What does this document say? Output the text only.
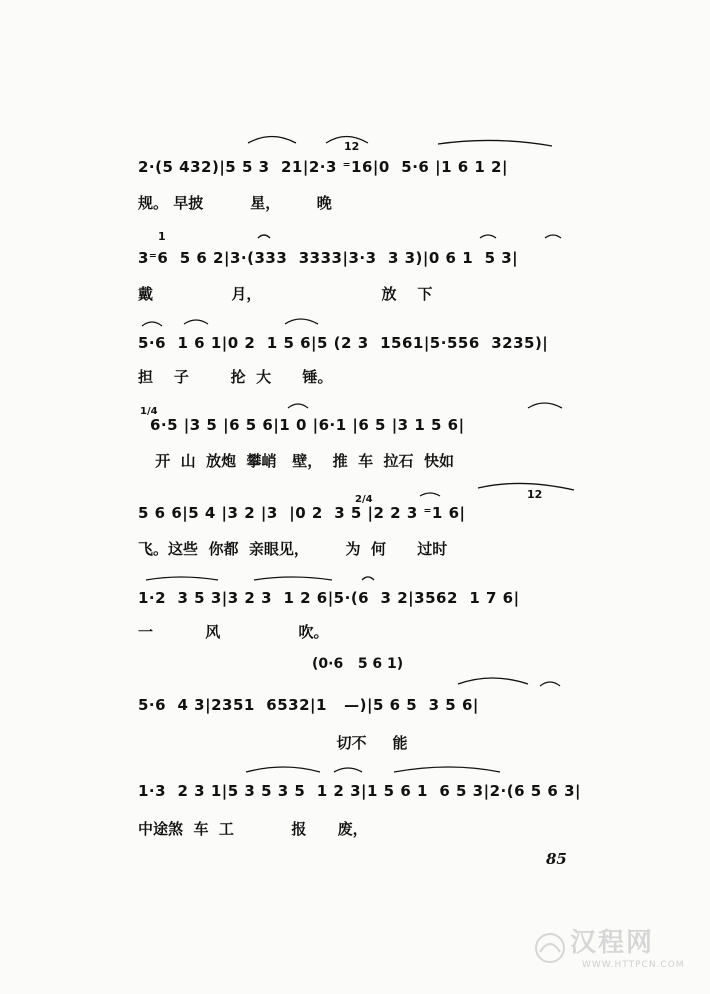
2·(5 432)|5 5 3  21|2·3 ⁼16|0  5·6 |1 6 1 2|
规。 早披         星，       晚
12
3⁼6  5 6 2|3·(333  3333|3·3  3 3)|0 6 1  5 3|
戴               月，                       放    下
1
5·6  1 6 1|0 2  1 5 6|5 (2 3  1561|5·556  3235)|
担    子        抡  大      锤。
1/4
6·5 |3 5 |6 5 6|1 0 |6·1 |6 5 |3 1 5 6|
开  山  放炮  攀峭   壁，  推  车  拉石  快如
5 6 6|5 4 |3 2 |3  |0 2  3 5 |2 2 3 ⁼1 6|
飞。这些  你都  亲眼见，       为  何      过时
2/4	12
1·2  3 5 3|3 2 3  1 2 6|5·(6  3 2|3562  1 7 6|
一          风               吹。
(0·6   5 6 1)
5·6  4 3|2351  6532|1   —)|5 6 5  3 5 6|
切不     能
1·3  2 3 1|5 3 5 3 5  1 2 3|1 5 6 1  6 5 3|2·(6 5 6 3|
中途煞  车  工           报      废，
85
汉程网
WWW.HTTPCN.COM
